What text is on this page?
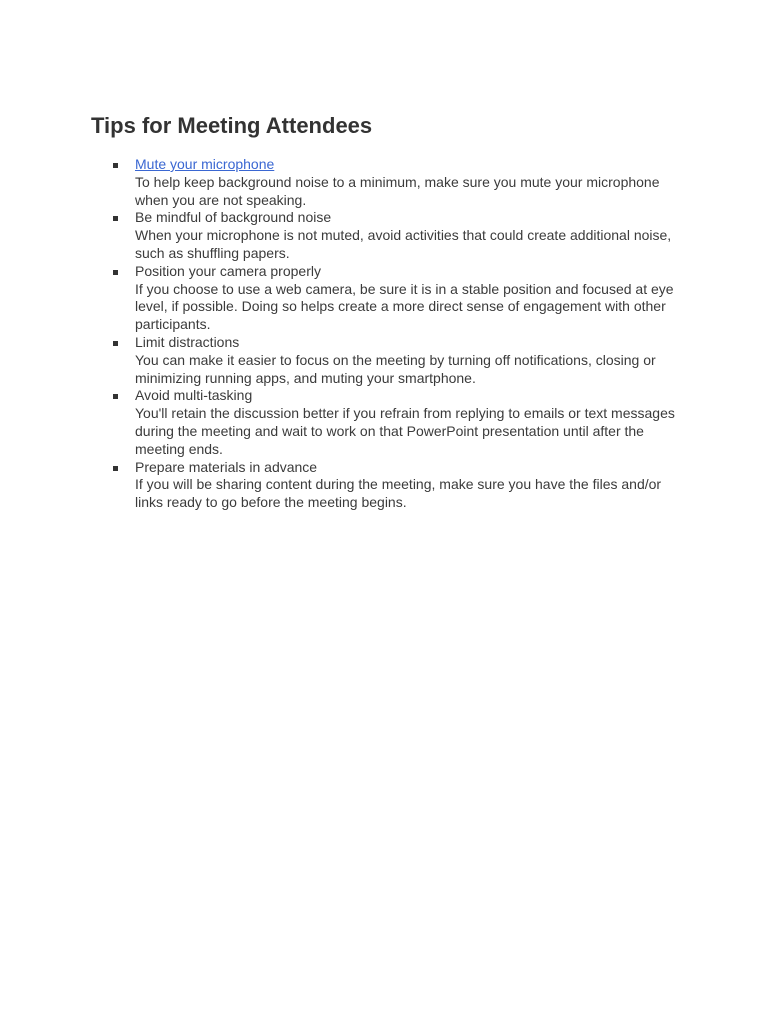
Tips for Meeting Attendees
Mute your microphone
To help keep background noise to a minimum, make sure you mute your microphone when you are not speaking.
Be mindful of background noise
When your microphone is not muted, avoid activities that could create additional noise, such as shuffling papers.
Position your camera properly
If you choose to use a web camera, be sure it is in a stable position and focused at eye level, if possible. Doing so helps create a more direct sense of engagement with other participants.
Limit distractions
You can make it easier to focus on the meeting by turning off notifications, closing or minimizing running apps, and muting your smartphone.
Avoid multi-tasking
You'll retain the discussion better if you refrain from replying to emails or text messages during the meeting and wait to work on that PowerPoint presentation until after the meeting ends.
Prepare materials in advance
If you will be sharing content during the meeting, make sure you have the files and/or links ready to go before the meeting begins.
